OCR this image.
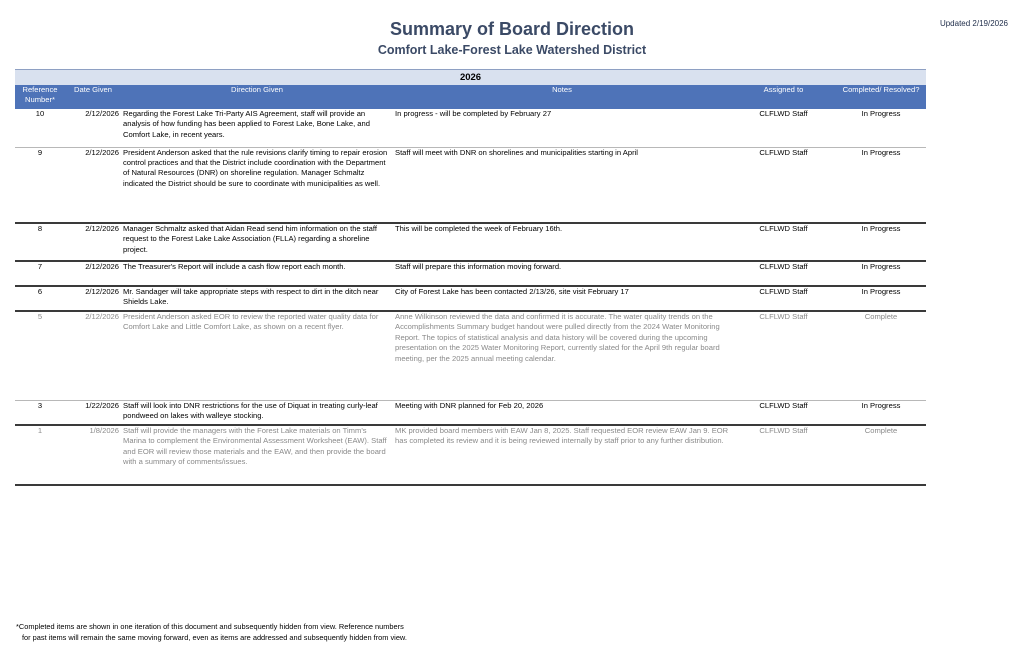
Updated 2/19/2026
Summary of Board Direction
Comfort Lake-Forest Lake Watershed District
2026					
Reference Number*	Date Given	Direction Given	Notes	Assigned to	Completed/ Resolved?
10	2/12/2026	Regarding the Forest Lake Tri-Party AIS Agreement, staff will provide an analysis of how funding has been applied to Forest Lake, Bone Lake, and Comfort Lake, in recent years.	In progress - will be completed by February 27	CLFLWD Staff	In Progress
9	2/12/2026	President Anderson asked that the rule revisions clarify timing to repair erosion control practices and that the District include coordination with the Department of Natural Resources (DNR) on shoreline regulation. Manager Schmaltz indicated the District should be sure to coordinate with municipalities as well.	Staff will meet with DNR on shorelines and municipalities starting in April	CLFLWD Staff	In Progress
8	2/12/2026	Manager Schmaltz asked that Aidan Read send him information on the staff request to the Forest Lake Lake Association (FLLA) regarding a shoreline project.	This will be completed the week of February 16th.	CLFLWD Staff	In Progress
7	2/12/2026	The Treasurer's Report will include a cash flow report each month.	Staff will prepare this information moving forward.	CLFLWD Staff	In Progress
6	2/12/2026	Mr. Sandager will take appropriate steps with respect to dirt in the ditch near Shields Lake.	City of Forest Lake has been contacted 2/13/26, site visit February 17	CLFLWD Staff	In Progress
5	2/12/2026	President Anderson asked EOR to review the reported water quality data for Comfort Lake and Little Comfort Lake, as shown on a recent flyer.	Anne Wilkinson reviewed the data and confirmed it is accurate. The water quality trends on the Accomplishments Summary budget handout were pulled directly from the 2024 Water Monitoring Report. The topics of statistical analysis and data history will be covered during the upcoming presentation on the 2025 Water Monitoring Report, currently slated for the April 9th regular board meeting, per the 2025 annual meeting calendar.	CLFLWD Staff	Complete
3	1/22/2026	Staff will look into DNR restrictions for the use of Diquat in treating curly-leaf pondweed on lakes with walleye stocking.	Meeting with DNR planned for Feb 20, 2026	CLFLWD Staff	In Progress
1	1/8/2026	Staff will provide the managers with the Forest Lake materials on Timm's Marina to complement the Environmental Assessment Worksheet (EAW). Staff and EOR will review those materials and the EAW, and then provide the board with a summary of comments/issues.	MK provided board members with EAW Jan 8, 2025. Staff requested EOR review EAW Jan 9. EOR has completed its review and it is being reviewed internally by staff prior to any further distribution.	CLFLWD Staff	Complete
*Completed items are shown in one iteration of this document and subsequently hidden from view. Reference numbers
for past items will remain the same moving forward, even as items are addressed and subsequently hidden from view.
